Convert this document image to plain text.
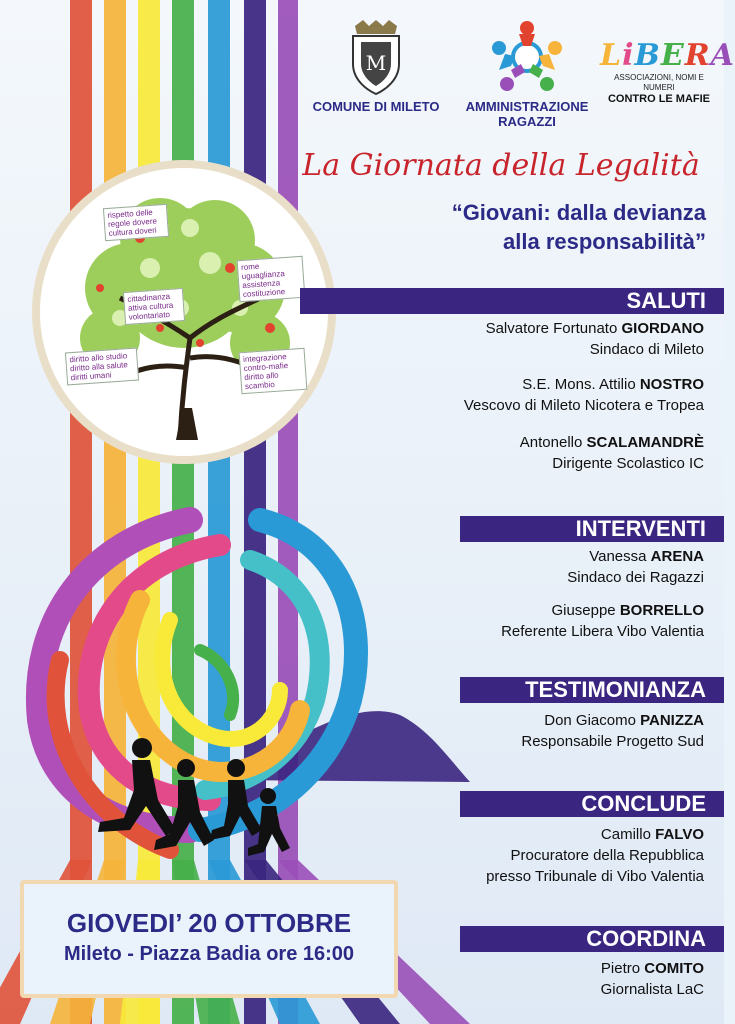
rispetto delle regole dovere cultura doveri
cittadinanza attiva cultura volontariato
rome uguaglianza assistenza costituzione
diritto allo studio diritto alla salute diritti umani
integrazione contro-mafie diritto allo scambio
M
COMUNE DI MILETO	AMMINISTRAZIONE
RAGAZZI
LiBERA
ASSOCIAZIONI, NOMI E NUMERI
CONTRO LE MAFIE
La Giornata della Legalità
“Giovani: dalla devianza
alla responsabilità”
SALUTI
Salvatore Fortunato GIORDANO
Sindaco di Mileto
S.E. Mons. Attilio NOSTRO
Vescovo di Mileto Nicotera e Tropea
Antonello SCALAMANDRÈ
Dirigente Scolastico IC
INTERVENTI
Vanessa ARENA
Sindaco dei Ragazzi
Giuseppe BORRELLO
Referente Libera Vibo Valentia
TESTIMONIANZA
Don Giacomo PANIZZA
Responsabile Progetto Sud
CONCLUDE
Camillo FALVO
Procuratore della Repubblica
presso Tribunale di Vibo Valentia
COORDINA
Pietro COMITO
Giornalista LaC
GIOVEDI’ 20 OTTOBRE
Mileto - Piazza Badia ore 16:00
